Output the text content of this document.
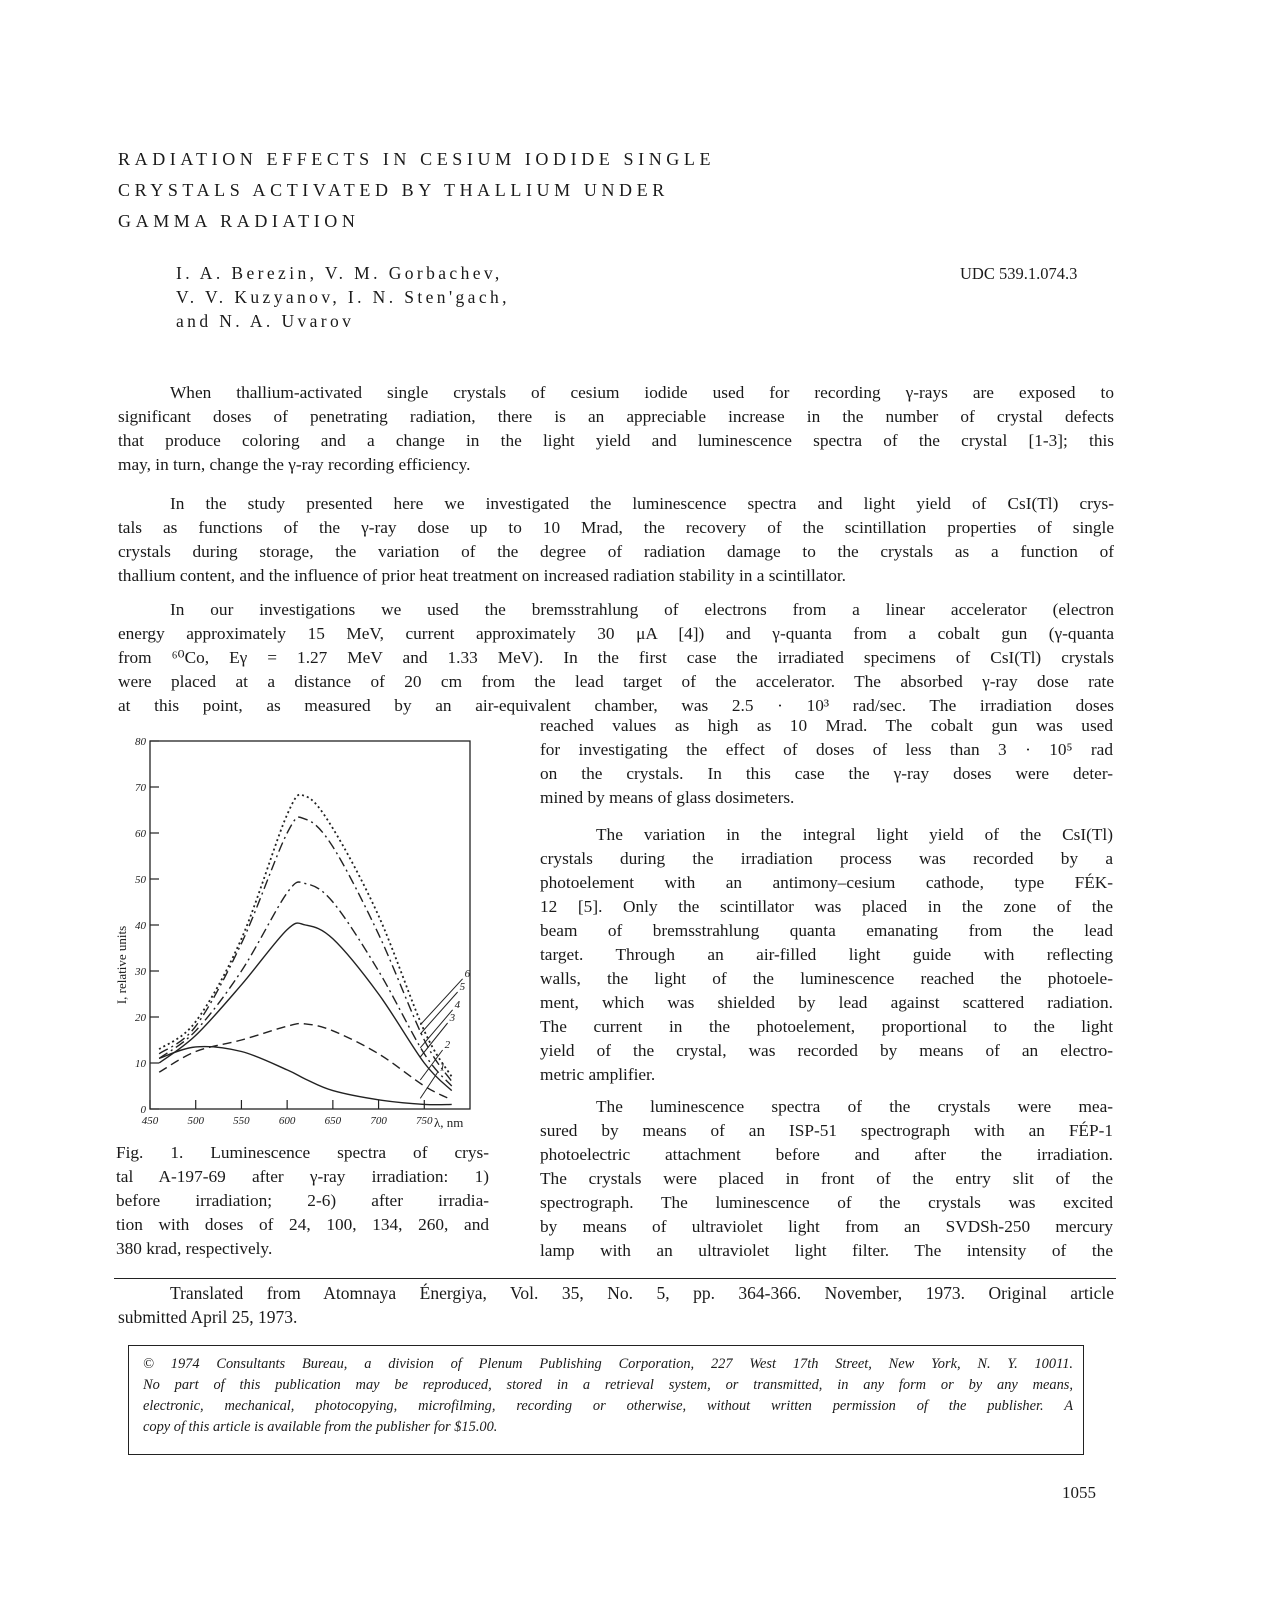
RADIATION EFFECTS IN CESIUM IODIDE SINGLE
CRYSTALS ACTIVATED BY THALLIUM UNDER
GAMMA RADIATION
I. A. Berezin, V. M. Gorbachev,
V. V. Kuzyanov, I. N. Sten'gach,
and N. A. Uvarov
UDC 539.1.074.3
When thallium-activated single crystals of cesium iodide used for recording γ-rays are exposed to
significant doses of penetrating radiation, there is an appreciable increase in the number of crystal defects
that produce coloring and a change in the light yield and luminescence spectra of the crystal [1-3]; this
may, in turn, change the γ-ray recording efficiency.
In the study presented here we investigated the luminescence spectra and light yield of CsI(Tl) crys-
tals as functions of the γ-ray dose up to 10 Mrad, the recovery of the scintillation properties of single
crystals during storage, the variation of the degree of radiation damage to the crystals as a function of
thallium content, and the influence of prior heat treatment on increased radiation stability in a scintillator.
In our investigations we used the bremsstrahlung of electrons from a linear accelerator (electron
energy approximately 15 MeV, current approximately 30 μA [4]) and γ-quanta from a cobalt gun (γ-quanta
from ⁶⁰Co, Eγ = 1.27 MeV and 1.33 MeV). In the first case the irradiated specimens of CsI(Tl) crystals
were placed at a distance of 20 cm from the lead target of the accelerator. The absorbed γ-ray dose rate
at this point, as measured by an air-equivalent chamber, was 2.5 · 10³ rad/sec. The irradiation doses
reached values as high as 10 Mrad. The cobalt gun was used
for investigating the effect of doses of less than 3 · 10⁵ rad
on the crystals. In this case the γ-ray doses were deter-
mined by means of glass dosimeters.
The variation in the integral light yield of the CsI(Tl)
crystals during the irradiation process was recorded by a
photoelement with an antimony–cesium cathode, type FÉK-
12 [5]. Only the scintillator was placed in the zone of the
beam of bremsstrahlung quanta emanating from the lead
target. Through an air-filled light guide with reflecting
walls, the light of the luminescence reached the photoele-
ment, which was shielded by lead against scattered radiation.
The current in the photoelement, proportional to the light
yield of the crystal, was recorded by means of an electro-
metric amplifier.
The luminescence spectra of the crystals were mea-
sured by means of an ISP-51 spectrograph with an FÉP-1
photoelectric attachment before and after the irradiation.
The crystals were placed in front of the entry slit of the
spectrograph. The luminescence of the crystals was excited
by means of ultraviolet light from an SVDSh-250 mercury
lamp with an ultraviolet light filter. The intensity of the
0
10
20
30
40
50
60
70
80
450	500	550	600	650	700	750
1
2
3
4
5
6
λ, nm
I, relative units
Fig. 1. Luminescence spectra of crys-
tal A-197-69 after γ-ray irradiation: 1)
before irradiation; 2-6) after irradia-
tion with doses of 24, 100, 134, 260, and
380 krad, respectively.
Translated from Atomnaya Énergiya, Vol. 35, No. 5, pp. 364-366. November, 1973. Original article
submitted April 25, 1973.
© 1974 Consultants Bureau, a division of Plenum Publishing Corporation, 227 West 17th Street, New York, N. Y. 10011.
No part of this publication may be reproduced, stored in a retrieval system, or transmitted, in any form or by any means,
electronic, mechanical, photocopying, microfilming, recording or otherwise, without written permission of the publisher. A
copy of this article is available from the publisher for $15.00.
1055
